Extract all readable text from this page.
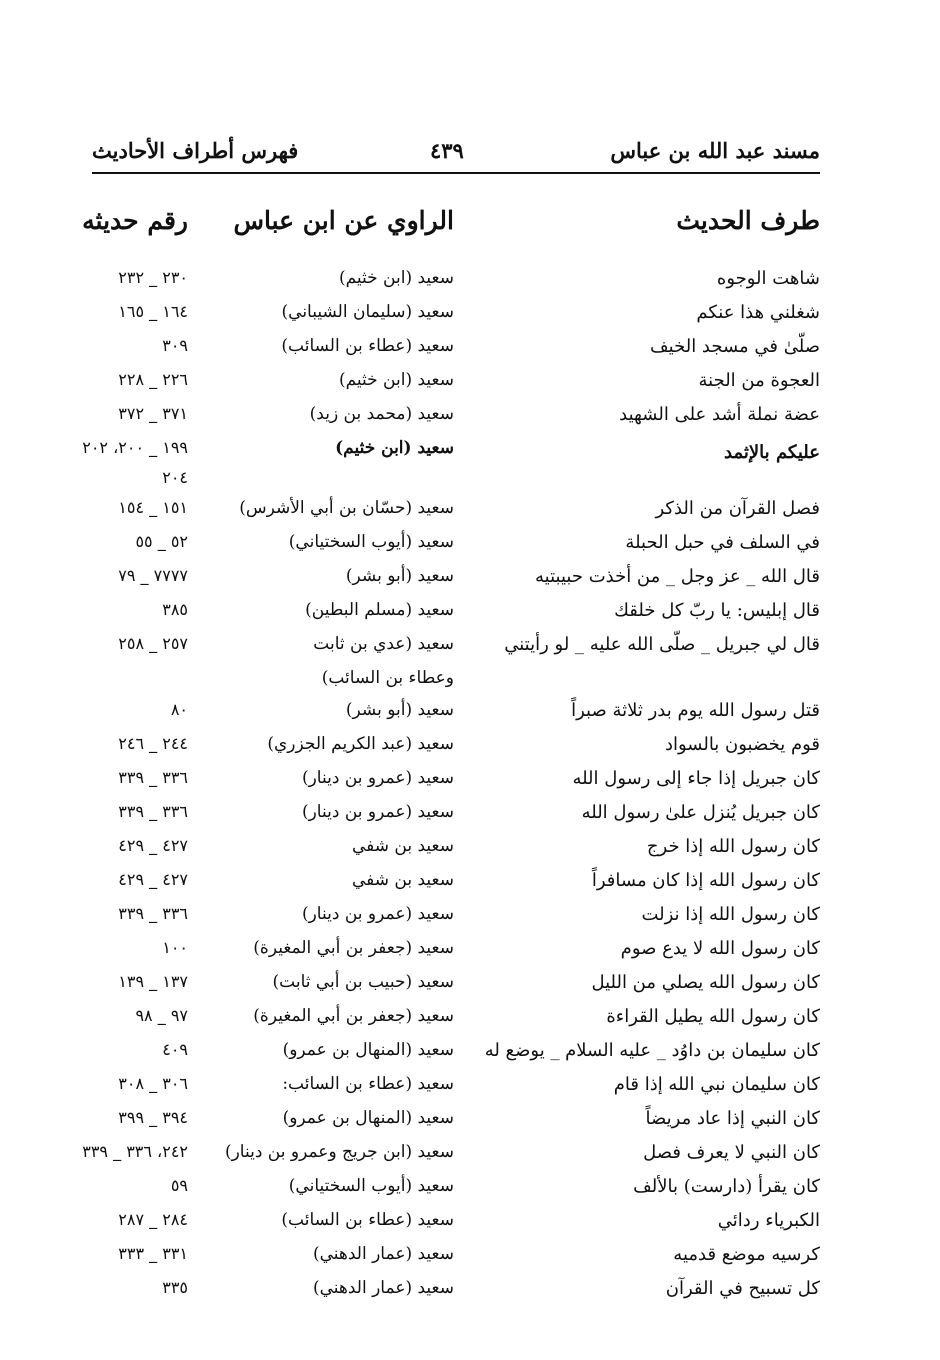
مسند عبد الله بن عباس
٤٣٩
فهرس أطراف الأحاديث
طرف الحديث
الراوي عن ابن عباس
رقم حديثه
شاهت الوجوه
سعيد (ابن خثيم)
٢٣٠ _ ٢٣٢
شغلني هذا عنكم
سعيد (سليمان الشيباني)
١٦٤ _ ١٦٥
صلّىٰ في مسجد الخيف
سعيد (عطاء بن السائب)
٣٠٩
العجوة من الجنة
سعيد (ابن خثيم)
٢٢٦ _ ٢٢٨
عضة نملة أشد على الشهيد
سعيد (محمد بن زيد)
٣٧١ _ ٣٧٢
عليكم بالإثمد
سعيد (ابن خثيم)
١٩٩ _ ٢٠٠، ٢٠٢
٢٠٤
فصل القرآن من الذكر
سعيد (حسّان بن أبي الأشرس)
١٥١ _ ١٥٤
في السلف في حبل الحبلة
سعيد (أيوب السختياني)
٥٢ _ ٥٥
قال الله _ عز وجل _ من أخذت حبيبتيه
سعيد (أبو بشر)
٧٧٧٧ _ ٧٩
قال إبليس: يا ربّ كل خلقك
سعيد (مسلم البطين)
٣٨٥
قال لي جبريل _ صلّى الله عليه _ لو رأيتني
سعيد (عدي بن ثابت
٢٥٧ _ ٢٥٨
وعطاء بن السائب)
قتل رسول الله يوم بدر ثلاثة صبراً
سعيد (أبو بشر)
٨٠
قوم يخضبون بالسواد
سعيد (عبد الكريم الجزري)
٢٤٤ _ ٢٤٦
كان جبريل إذا جاء إلى رسول الله
سعيد (عمرو بن دينار)
٣٣٦ _ ٣٣٩
كان جبريل يُنزل علىٰ رسول الله
سعيد (عمرو بن دينار)
٣٣٦ _ ٣٣٩
كان رسول الله إذا خرج
سعيد بن شفي
٤٢٧ _ ٤٢٩
كان رسول الله إذا كان مسافراً
سعيد بن شفي
٤٢٧ _ ٤٢٩
كان رسول الله إذا نزلت
سعيد (عمرو بن دينار)
٣٣٦ _ ٣٣٩
كان رسول الله لا يدع صوم
سعيد (جعفر بن أبي المغيرة)
١٠٠
كان رسول الله يصلي من الليل
سعيد (حبيب بن أبي ثابت)
١٣٧ _ ١٣٩
كان رسول الله يطيل القراءة
سعيد (جعفر بن أبي المغيرة)
٩٧ _ ٩٨
كان سليمان بن داوُد _ عليه السلام _ يوضع له
سعيد (المنهال بن عمرو)
٤٠٩
كان سليمان نبي الله إذا قام
سعيد (عطاء بن السائب:
٣٠٦ _ ٣٠٨
كان النبي إذا عاد مريضاً
سعيد (المنهال بن عمرو)
٣٩٤ _ ٣٩٩
كان النبي لا يعرف فصل
سعيد (ابن جريج وعمرو بن دينار)
٢٤٢، ٣٣٦ _ ٣٣٩
كان يقرأ (دارست) بالألف
سعيد (أيوب السختياني)
٥٩
الكبرياء ردائي
سعيد (عطاء بن السائب)
٢٨٤ _ ٢٨٧
كرسيه موضع قدميه
سعيد (عمار الدهني)
٣٣١ _ ٣٣٣
كل تسبيح في القرآن
سعيد (عمار الدهني)
٣٣٥
